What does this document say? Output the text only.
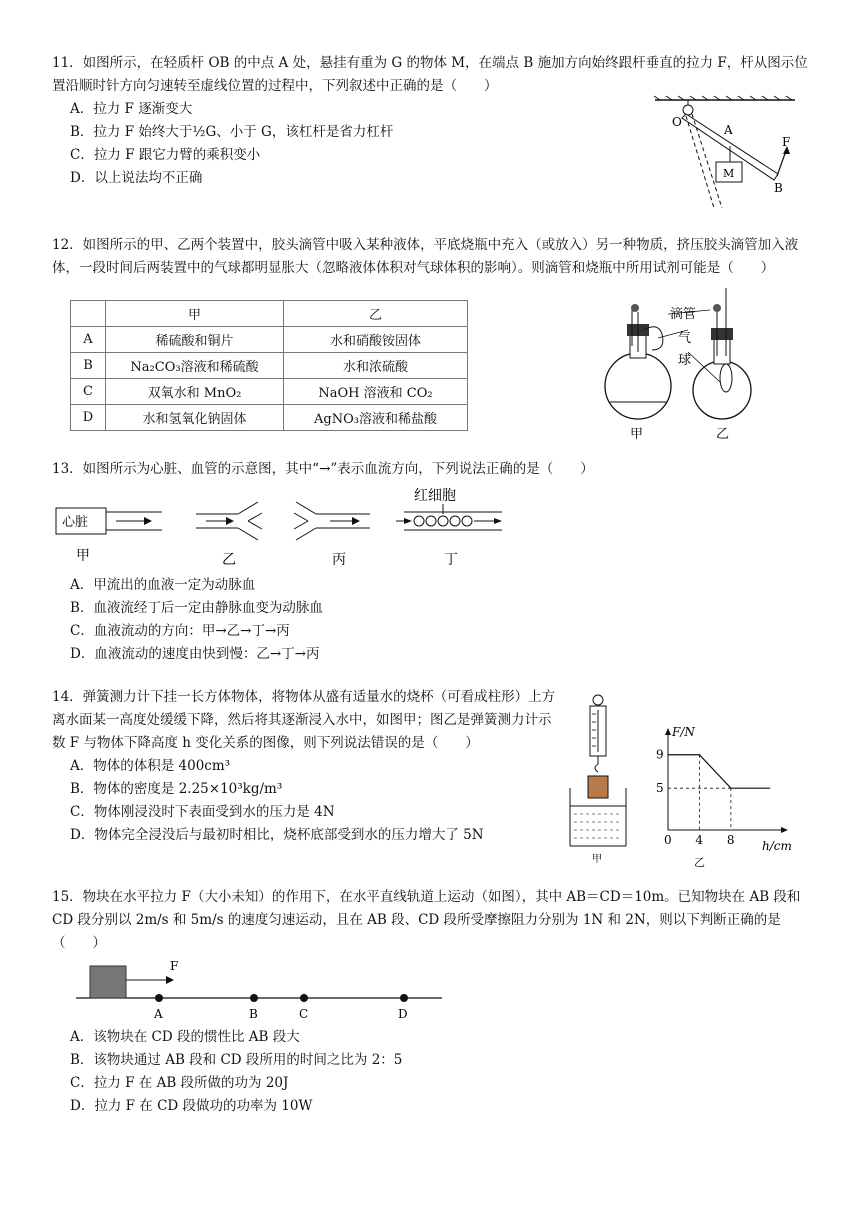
11．如图所示，在轻质杆 OB 的中点 A 处，悬挂有重为 G 的物体 M，在端点 B 施加方向始终跟杆垂直的拉力 F，杆从图示位置沿顺时针方向匀速转至虚线位置的过程中，下列叙述中正确的是（　　）
A．拉力 F 逐渐变大
B．拉力 F 始终大于½G、小于 G，该杠杆是省力杠杆
C．拉力 F 跟它力臂的乘积变小
D．以上说法均不正确
O
A
M
B
F
12．如图所示的甲、乙两个装置中，胶头滴管中吸入某种液体，平底烧瓶中充入（或放入）另一种物质，挤压胶头滴管加入液体，一段时间后两装置中的气球都明显胀大（忽略液体体积对气球体积的影响）。则滴管和烧瓶中所用试剂可能是（　　）
	甲	乙
A	稀硫酸和铜片	水和硝酸铵固体
B	Na₂CO₃溶液和稀硫酸	水和浓硫酸
C	双氧水和 MnO₂	NaOH 溶液和 CO₂
D	水和氢氧化钠固体	AgNO₃溶液和稀盐酸
滴管
气
球
甲	乙
13．如图所示为心脏、血管的示意图，其中“→”表示血流方向，下列说法正确的是（　　）
心脏
红细胞
甲	乙	丙	丁
A．甲流出的血液一定为动脉血
B．血液流经丁后一定由静脉血变为动脉血
C．血液流动的方向：甲→乙→丁→丙
D．血液流动的速度由快到慢：乙→丁→丙
14．弹簧测力计下挂一长方体物体，将物体从盛有适量水的烧杯（可看成柱形）上方离水面某一高度处缓缓下降，然后将其逐渐浸入水中，如图甲；图乙是弹簧测力计示数 F 与物体下降高度 h 变化关系的图像，则下列说法错误的是（　　）
A．物体的体积是 400cm³
B．物体的密度是 2.25×10³kg/m³
C．物体刚浸没时下表面受到水的压力是 4N
D．物体完全浸没后与最初时相比，烧杯底部受到水的压力增大了 5N
甲
F/N
h/cm
9
5
0 4 8
乙
15．物块在水平拉力 F（大小未知）的作用下，在水平直线轨道上运动（如图），其中 AB＝CD＝10m。已知物块在 AB 段和 CD 段分别以 2m/s 和 5m/s 的速度匀速运动，且在 AB 段、CD 段所受摩擦阻力分别为 1N 和 2N，则以下判断正确的是（　　）
F
A	B	C	D
A．该物块在 CD 段的惯性比 AB 段大
B．该物块通过 AB 段和 CD 段所用的时间之比为 2：5
C．拉力 F 在 AB 段所做的功为 20J
D．拉力 F 在 CD 段做功的功率为 10W
